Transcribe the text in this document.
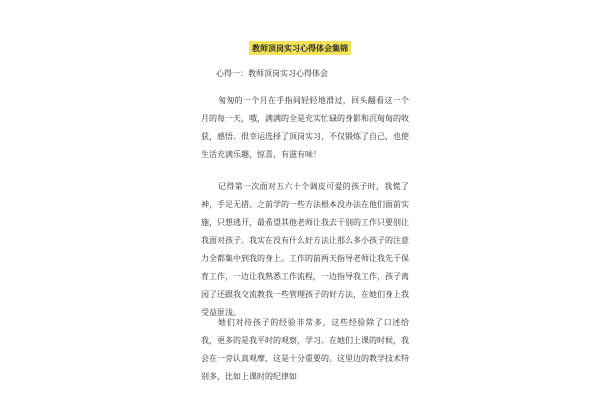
教师顶岗实习心得体会集锦
心得一：教师顶岗实习心得体会

匆匆的一个月在手指间轻轻地滑过，回头翻看这一个月的每一天，哦，满满的全是充实忙碌的身影和沉甸甸的收获，感悟。很幸运选择了顶岗实习，不仅锻炼了自己，也使生活充满乐趣，惊喜，有滋有味！

记得第一次面对五六十个调皮可爱的孩子时，我慌了神，手足无措。之前学的一些方法根本没办法在他们面前实施，只想逃开，最希望其他老师让我去干别的工作只要别让我面对孩子。我实在没有什么好方法让那么多小孩子的注意力全都集中到我的身上。工作的前两天指导老师让我先干保育工作，一边让我熟悉工作流程，一边指导我工作，孩子离园了还跟我交流教我一些管理孩子的好方法，在她们身上我受益匪浅。

她们对待孩子的经验非常多，这些经验除了口述给我，更多的是我平时的观察，学习。在她们上课的时候，我会在一旁认真观摩，这是十分重要的。这里边的教学技术特别多，比如上课时的纪律如
